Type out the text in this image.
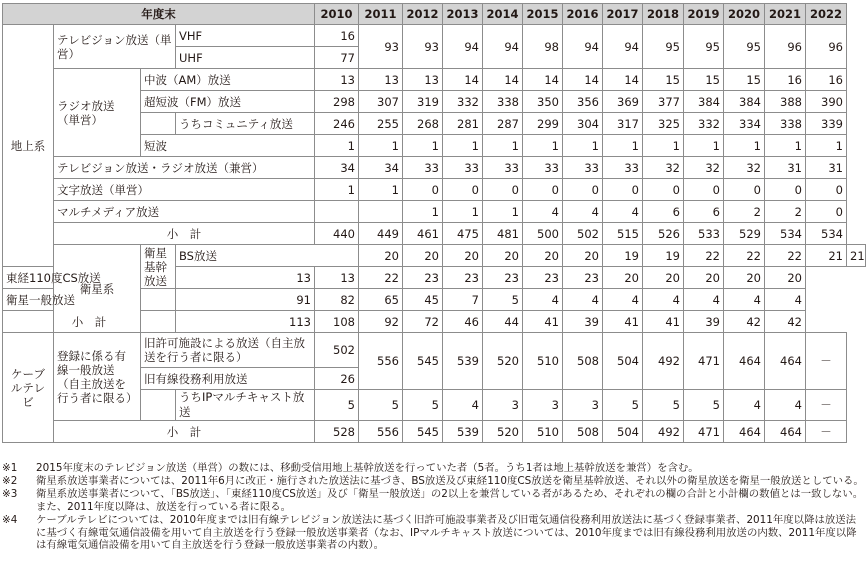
年度末				2010	2011	2012	2013	2014	2015	2016	2017	2018	2019	2020	2021	2022	
地上系	テレビジョン放送（単営）		VHF	16	93	93	94	94	98	94	94	95	95	95	96	96	
			UHF	77													
	ラジオ放送（単営）	中波（AM）放送		13	13	13	14	14	14	14	14	15	15	15	16	16	
		超短波（FM）放送		298	307	319	332	338	350	356	369	377	384	384	388	390	
			うちコミュニティ放送	246	255	268	281	287	299	304	317	325	332	334	338	339	
		短波		1	1	1	1	1	1	1	1	1	1	1	1	1	
	テレビジョン放送・ラジオ放送（兼営）			34	34	33	33	33	33	33	33	32	32	32	31	31	
	文字放送（単営）			1	1	0	0	0	0	0	0	0	0	0	0	0	
	マルチメディア放送					1	1	1	4	4	4	6	6	2	2	0	
	小　計			440	449	461	475	481	500	502	515	526	533	529	534	534	
	衛星系	衛星基幹放送	BS放送		20	20	20	20	20	20	19	19	22	22	22	21	21
東経110度CS放送			13	13	22	23	23	23	23	23	20	20	20	20	20		
衛星一般放送			91	82	65	45	7	5	4	4	4	4	4	4	4		
小　計			113	108	92	72	46	44	41	39	41	41	39	42	42		
ケーブルテレビ	登録に係る有線一般放送（自主放送を行う者に限る）	旧許可施設による放送（自主放送を行う者に限る）		502	556	545	539	520	510	508	504	492	471	464	464	－	
		旧有線役務利用放送		26													
			うちIPマルチキャスト放送	5	5	5	4	3	3	3	5	5	5	4	4	－	

	小　計			528	556	545	539	520	510	508	504	492	471	464	464	－	
※1	2015年度末のテレビジョン放送（単営）の数には、移動受信用地上基幹放送を行っていた者（5者。うち1者は地上基幹放送を兼営）を含む。
※2	衛星系放送事業者については、2011年6月に改正・施行された放送法に基づき、BS放送及び東経110度CS放送を衛星基幹放送、それ以外の衛星放送を衛星一般放送としている。
※3	衛星系放送事業者について、「BS放送」、「東経110度CS放送」及び「衛星一般放送」の2以上を兼営している者があるため、それぞれの欄の合計と小計欄の数値とは一致しない。また、2011年度以降は、放送を行っている者に限る。
※4	ケーブルテレビについては、2010年度までは旧有線テレビジョン放送法に基づく旧許可施設事業者及び旧電気通信役務利用放送法に基づく登録事業者、2011年度以降は放送法に基づく有線電気通信設備を用いて自主放送を行う登録一般放送事業者（なお、IPマルチキャスト放送については、2010年度までは旧有線役務利用放送の内数、2011年度以降は有線電気通信設備を用いて自主放送を行う登録一般放送事業者の内数）。
